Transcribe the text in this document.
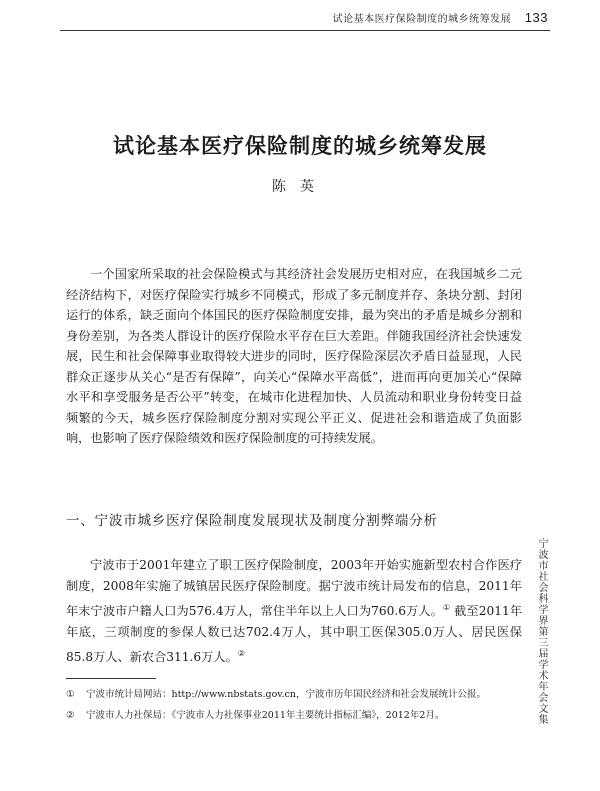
试论基本医疗保险制度的城乡统筹发展 133
试论基本医疗保险制度的城乡统筹发展
陈英

一个国家所采取的社会保险模式与其经济社会发展历史相对应，在我国城乡二元经济结构下，对医疗保险实行城乡不同模式，形成了多元制度并存、条块分割、封闭运行的体系，缺乏面向个体国民的医疗保险制度安排，最为突出的矛盾是城乡分割和身份差别，为各类人群设计的医疗保险水平存在巨大差距。伴随我国经济社会快速发展，民生和社会保障事业取得较大进步的同时，医疗保险深层次矛盾日益显现，人民群众正逐步从关心“是否有保障”，向关心“保障水平高低”，进而再向更加关心“保障水平和享受服务是否公平”转变，在城市化进程加快、人员流动和职业身份转变日益频繁的今天，城乡医疗保险制度分割对实现公平正义、促进社会和谐造成了负面影响，也影响了医疗保险绩效和医疗保险制度的可持续发展。

一、宁波市城乡医疗保险制度发展现状及制度分割弊端分析

宁波市于2001年建立了职工医疗保险制度，2003年开始实施新型农村合作医疗制度，2008年实施了城镇居民医疗保险制度。据宁波市统计局发布的信息，2011年年末宁波市户籍人口为576.4万人，常住半年以上人口为760.6万人。① 截至2011年年底，三项制度的参保人数已达702.4万人，其中职工医保305.0万人、居民医保85.8万人、新农合311.6万人。②

① 宁波市统计局网站：http://www.nbstats.gov.cn，宁波市历年国民经济和社会发展统计公报。

② 宁波市人力社保局：《宁波市人力社保事业2011年主要统计指标汇编》，2012年2月。	宁波市社会科学界第三届学术年会文集
